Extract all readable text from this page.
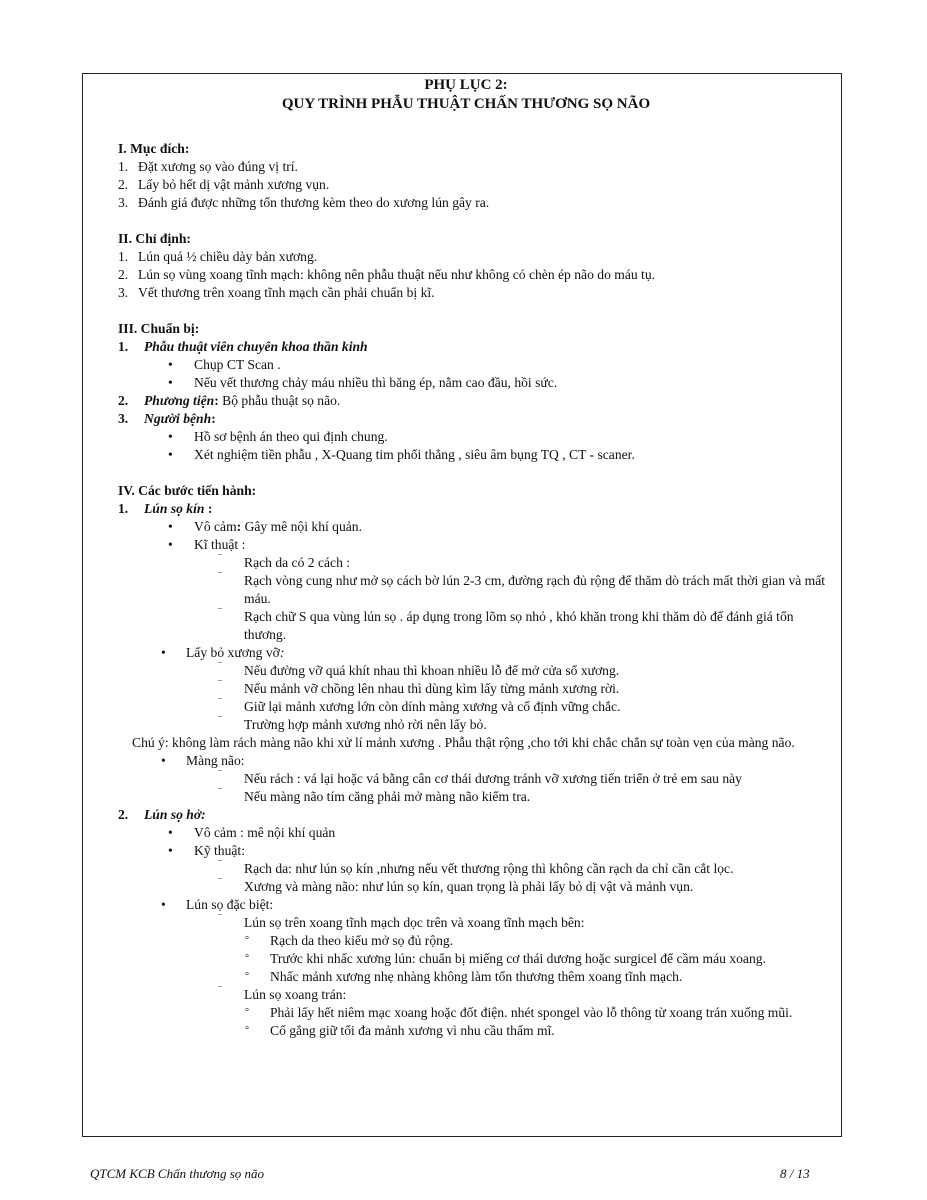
PHỤ LỤC 2:
QUY TRÌNH PHẪU THUẬT CHẤN THƯƠNG SỌ NÃO
I. Mục đích:
1. Đặt xương sọ vào đúng vị trí.
2. Lấy bỏ hết dị vật mảnh xương vụn.
3. Đánh giá được những tổn thương kèm theo do xương lún gây ra.
II. Chỉ định:
1. Lún quá ½ chiều dày bản xương.
2. Lún sọ vùng xoang tĩnh mạch: không nên phẫu thuật nếu như không có chèn ép não do máu tụ.
3. Vết thương trên xoang tĩnh mạch cần phải chuẩn bị kĩ.
III. Chuẩn bị:
1.	Phẫu thuật viên chuyên khoa thần kinh
•	Chụp CT Scan .
•	Nếu vết thương chảy máu nhiều thì băng ép, nằm cao đầu, hồi sức.
2.	Phương tiện: Bộ phẫu thuật sọ não.
3.	Người bệnh:
•	Hồ sơ bệnh án theo qui định chung.
•	Xét nghiệm tiền phẫu , X-Quang tim phổi thẳng , siêu âm bụng TQ , CT - scaner.
IV. Các bước tiến hành:
1.	Lún sọ kín :
•	Vô cảm: Gây mê nội khí quản.
•	Kĩ thuật :
‾	Rạch da có 2 cách :
‾	Rạch vòng cung như mở sọ cách bờ lún 2-3 cm, đường rạch đủ rộng để thăm dò trách mất thời gian và mất máu.
‾	Rạch chữ S qua vùng lún sọ . áp dụng trong lõm sọ nhỏ , khó khăn trong khi thăm dò để đánh giá tổn thương.
•	Lấy bỏ xương vỡ:
‾	Nếu đường vỡ quá khít nhau thì khoan nhiều lỗ để mở cửa sổ xương.
‾	Nếu mảnh vỡ chồng lên nhau thì dùng kìm lấy từng mảnh xương rời.
‾	Giữ lại mảnh xương lớn còn dính màng xương và cố định vững chắc.
‾	Trường hợp mảnh xương nhỏ rời nên lấy bỏ.
Chú ý: không làm rách màng não khi xử lí mảnh xương . Phẫu thật rộng ,cho tới khi chắc chắn sự toàn vẹn của màng não.
•	Màng não:
‾	Nếu rách : vá lại hoặc vá bằng cân cơ thái dương tránh vỡ xương tiến triển ở trẻ em sau này
‾	Nếu màng não tím căng phải mở màng não kiểm tra.
2.	Lún sọ hở:
•	Vô cảm : mê nội khí quản
•	Kỹ thuật:
‾	Rạch da: như lún sọ kín ,nhưng nếu vết thương rộng thì không cần rạch da chỉ cần cắt lọc.
‾	Xương và màng não: như lún sọ kín, quan trọng là phải lấy bỏ dị vật và mảnh vụn.
•	Lún sọ đặc biệt:
‾	Lún sọ trên xoang tĩnh mạch dọc trên và xoang tĩnh mạch bên:
°	Rạch da theo kiểu mở sọ đủ rộng.
°	Trước khi nhấc xương lún: chuẩn bị miếng cơ thái dương hoặc surgicel để cầm máu xoang.
°	Nhấc mảnh xương nhẹ nhàng không làm tổn thương thêm xoang tĩnh mạch.
‾	Lún sọ xoang trán:
°	Phải lấy hết niêm mạc xoang hoặc đốt điện. nhét spongel vào lỗ thông từ xoang trán xuống mũi.
°	Cố gắng giữ tối đa mảnh xương vì nhu cầu thẩm mĩ.
QTCM KCB Chấn thương sọ não	8 / 13
